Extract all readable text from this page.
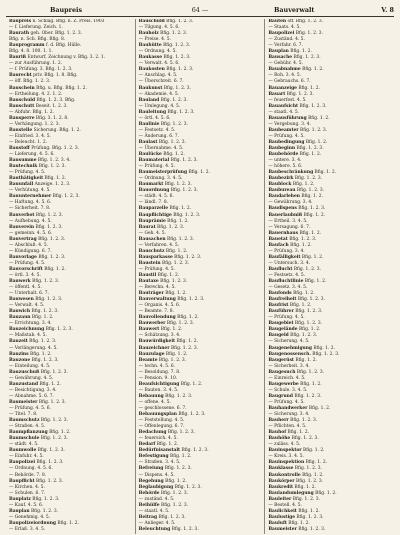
Baupreis	64 —	Bauverwalt	V. 8
Baupreis n. Schlag. Bfig. n. Z. Preis. 1903
— f. Lieferung. Zeich. 1.
Baurath geh. Ober. Bfig. 1. 2. 3.
Bfig. n. Sch. Bfig. Bfig. 8.
Bauprogramm f. d. Bfig. Hülle.
Bfig. 4. 8. 100. 1. 1.
Bauriß Entwurf, Zeichnung v. Bfig. 3. 2. 1.
— zur Ausführung. 1. 2.
— f. Prüfung. 3. Bfig. 1. 2. 3.
Baurecht priv. Bfig. 1. 8. Bfig.
— öff. Bfig. 1. 2. 3.
Bauschein Bfig. u. Bfig. Bfig. 1. 2.
— Ertheilung. 4. 2. 1. 2.
Bauschuld Bfig. 1. 2. 3. Bfig.
Bauschutt Beseit. 1. 2. 3.
— Abfuhr. Bfig. 1. 2.
Bausperre Bfig. 3. 1. 2. 8.
— Verhängung. 1. 2. 3.
Baustelle Sicherung. Bfig. 1. 2.
— Einfried. 3. 4. 5.
— Beleucht. 1. 2.
Baustoff Prüfung. Bfig. 1. 2. 3.
— Lieferung. 4. 5. 6.
Bausumme Bfig. 1. 2. 3. 4.
Bautechnik Bfig. 1. 2. 3.
— Prüfung. 4. 5.
Bauthätigkeit Bfig. 1. 2.
Bauunfall Anzeige. 1. 2. 3.
— Verhütung. 4. 5.
Bauunternehmer Bfig. 1. 2. 3.
— Haftung. 4. 5. 6.
— Sicherheit. 7. 8.
Bauverbot Bfig. 1. 2. 3.
— Aufhebung. 4. 5.
Bauverein Bfig. 1. 2. 3.
— gemeinn. 4. 5. 6.
Bauvertrag Bfig. 1. 2. 3.
— Abschluß. 4. 5.
— Kündigung. 6. 7.
Bauvorlage Bfig. 1. 2. 3.
— Prüfung. 4. 5.
Bauvorschrift Bfig. 1. 2.
— örtl. 3. 4. 5.
Bauwerk Bfig. 1. 2. 3.
— öffentl. 4. 5.
— Unterhalt. 6. 7.
Bauwesen Bfig. 1. 2. 3.
— Verwalt. 4. 5.
Bauwich Bfig. 1. 2. 3.
Bauzaun Bfig. 1. 2.
— Errichtung. 3. 4.
Bauzeichnung Bfig. 1. 2. 3.
— Maßstab. 4. 5.
Bauzeit Bfig. 1. 2. 3.
— Verlängerung. 4. 5.
Bauzins Bfig. 1. 2.
Bauzone Bfig. 1. 2. 3.
— Einteilung. 4. 5.
Bauzuschuß Bfig. 1. 2. 3.
— Gewährung. 4. 5.
Bauzustand Bfig. 1. 2.
— Besichtigung. 3. 4.
— Abnahme. 5. 6. 7.
Baumeister Bfig. 1. 2. 3.
— Prüfung. 4. 5. 6.
— Titel. 7. 8.
Baumschutz Bfig. 1. 2. 3.
— Straßen. 4. 5.
Baumpflanzung Bfig. 1. 2.
Baumschule Bfig. 1. 2. 3.
— städt. 4. 5.
Baumwolle Bfig. 1. 2. 3.
— Einfuhr. 4. 5.
Baupolizei Bfig. 1. 2. 3.
— Ordnung. 4. 5. 6.
— Behörde. 7. 8.
Baupflicht Bfig. 1. 2. 3.
— Kirchen. 4. 5.
— Schulen. 6. 7.
Bauplatz Bfig. 1. 2. 3.
— Kauf. 4. 5. 6.
Bauplan Bfig. 1. 2. 3.
— Genehmig. 4. 5.
Baupolizeiordnung Bfig. 1. 2.
— Erlaß. 3. 4. 5.
Bauschuld Bfig. 1. 2. 3.
— Tilgung. 4. 5. 6.
Bauholz Bfig. 1. 2. 3.
— Preise. 4. 5.
Bauhütte Bfig. 1. 2. 3.
— Ordnung. 4. 5.
Baukasse Bfig. 1. 2. 3.
— Verwalt. 4. 5. 6.
Baukosten Bfig. 1. 2. 3.
— Anschlag. 4. 5.
— Überschreit. 6. 7.
Baukunst Bfig. 1. 2. 3.
— Akademie. 4. 5.
Bauland Bfig. 1. 2. 3.
— Umlegung. 4. 5.
Bauleitung Bfig. 1. 2. 3.
— örtl. 4. 5. 6.
Baulinie Bfig. 1. 2. 3.
— Festsetz. 4. 5.
— Änderung. 6. 7.
Baulast Bfig. 1. 2. 3.
— Übernahme. 4. 5.
Baulücke Bfig. 1. 2.
Baumaterial Bfig. 1. 2. 3.
— Prüfung. 4. 5.
Baumeisterprüfung Bfig. 1. 2.
— Ordnung. 3. 4. 5.
Baumarkt Bfig. 1. 2. 3.
Bauordnung Bfig. 1. 2. 3.
— städt. 4. 5. 6.
— ländl. 7. 8.
Bauparzelle Bfig. 1. 2.
Baupflichtige Bfig. 1. 2. 3.
Bauprämie Bfig. 1. 2.
Baurat Bfig. 1. 2. 3.
— Geh. 4. 5.
Bausachen Bfig. 1. 2. 3.
— Verfahren. 4. 5.
Bauschutz Bfig. 1. 2.
Bausparkasse Bfig. 1. 2. 3.
Baustein Bfig. 1. 2. 3.
— Prüfung. 4. 5.
Baustil Bfig. 1. 2.
Bautaxe Bfig. 1. 2. 3.
— Berechn. 4. 5.
Bauträger Bfig. 1. 2.
Bauverwaltung Bfig. 1. 2. 3.
— Organis. 4. 5. 6.
— Beamte. 7. 8.
Bauvollendung Bfig. 1. 2.
Bauwerber Bfig. 1. 2. 3.
Bauwert Bfig. 1. 2.
— Schätzung. 3. 4.
Bauwürdigkeit Bfig. 1. 2.
Bauzeichner Bfig. 1. 2. 3.
Bauzulage Bfig. 1. 2.
Beamte Bfig. 1. 2. 3.
— techn. 4. 5. 6.
— Besoldung. 7. 8.
— Pension. 9. 10.
Beaufsichtigung Bfig. 1. 2.
— Bauten. 3. 4. 5.
Bebauung Bfig. 1. 2. 3.
— offene. 4. 5.
— geschlossene. 6. 7.
Bebauungsplan Bfig. 1. 2. 3.
— Feststellung. 4. 5.
— Offenlegung. 6. 7.
Bedachung Bfig. 1. 2. 3.
— feuersich. 4. 5.
Bedarf Bfig. 1. 2.
Bedürfnisanstalt Bfig. 1. 2. 3.
Befestigung Bfig. 1. 2.
— Straßen. 3. 4. 5.
Befreiung Bfig. 1. 2. 3.
— Dispens. 4. 5.
Begehung Bfig. 1. 2.
Beglaubigung Bfig. 1. 2. 3.
Behörde Bfig. 1. 2. 3.
— zuständ. 4. 5.
Beihülfe Bfig. 1. 2. 3.
— staatl. 4. 5.
Beitrag Bfig. 1. 2. 3.
— Anlieger. 4. 5.
Beleuchtung Bfig. 1. 2. 3.
Bauten öff. Bfig. 1. 2. 3.
— Staats. 4. 5.
Baupolizei Bfig. 1. 2. 3.
— Zuständ. 4. 5.
— Verfahr. 6. 7.
Bauplan Bfig. 1. 2.
Bausache Bfig. 1. 2. 3.
— Gebühr. 4. 5.
Bauabnahme Bfig. 1. 2.
— Roh. 3. 4. 5.
— Gebrauchs. 6. 7.
Bauanzeige Bfig. 1. 2.
Bauart Bfig. 1. 2. 3.
— feuerfest. 4. 5.
Bauaufsicht Bfig. 1. 2. 3.
— staatl. 4. 5.
Bauausführung Bfig. 1. 2.
— Vergebung. 3. 4.
Baubeamter Bfig. 1. 2. 3.
— Prüfung. 4. 5.
Baubedingung Bfig. 1. 2.
Baubeginn Bfig. 1. 2. 3.
Baubehörde Bfig. 1. 2.
— untere. 3. 4.
— höhere. 5. 6.
Baubeschränkung Bfig. 1. 2.
Baubezirk Bfig. 1. 2. 3.
Baublock Bfig. 1. 2.
Baubureau Bfig. 1. 2. 3.
Baudarlehen Bfig. 1. 2.
— Gewährung. 3. 4.
Baudispens Bfig. 1. 2. 3.
Bauerlaubniß Bfig. 1. 2.
— Ertheil. 3. 4. 5.
— Versagung. 6. 7.
Bauernhaus Bfig. 1. 2.
Bauetat Bfig. 1. 2. 3.
Baufach Bfig. 1. 2.
— Prüfung. 3. 4.
Baufälligkeit Bfig. 1. 2.
— Untersuch. 3. 4.
Bauflucht Bfig. 1. 2. 3.
— Festsetz. 4. 5.
Baufluchtlinie Bfig. 1. 2.
— Gesetz. 3. 4. 5.
Baufonds Bfig. 1. 2.
Baufreiheit Bfig. 1. 2. 3.
Baufrist Bfig. 1. 2.
Bauführer Bfig. 1. 2. 3.
— Prüfung. 4. 5.
Baugebiet Bfig. 1. 2. 3.
Baugelände Bfig. 1. 2.
Baugeld Bfig. 1. 2. 3.
— Sicherung. 4. 5.
Baugenehmigung Bfig. 1. 2.
Baugenossensch. Bfig. 1. 2. 3.
Baugerüst Bfig. 1. 2.
— Sicherheit. 3. 4.
Baugesuch Bfig. 1. 2. 3.
— Einreich. 4. 5.
Baugewerbe Bfig. 1. 2.
— Schule. 3. 4. 5.
Baugrund Bfig. 1. 2. 3.
— Prüfung. 4. 5.
Bauhandwerker Bfig. 1. 2.
— Sicherung. 3. 4.
Bauherr Bfig. 1. 2. 3.
— Pflichten. 4. 5.
Bauhof Bfig. 1. 2.
Bauhöhe Bfig. 1. 2. 3.
— zuläss. 4. 5.
Bauinspektor Bfig. 1. 2.
— Kreis. 3. 4. 5.
Bauinspektion Bfig. 1. 2.
Bauklasse Bfig. 1. 2. 3.
Baukontrolle Bfig. 1. 2.
Baukörper Bfig. 1. 2. 3.
Baukredit Bfig. 1. 2.
Baulandumlegung Bfig. 1. 2.
Bauleiter Bfig. 1. 2. 3.
— Bestell. 4. 5.
Baulichkeit Bfig. 1. 2.
Baulustige Bfig. 1. 2. 3.
Bauluft Bfig. 1. 2.
Baumeister Bfig. 1. 2. 3.
